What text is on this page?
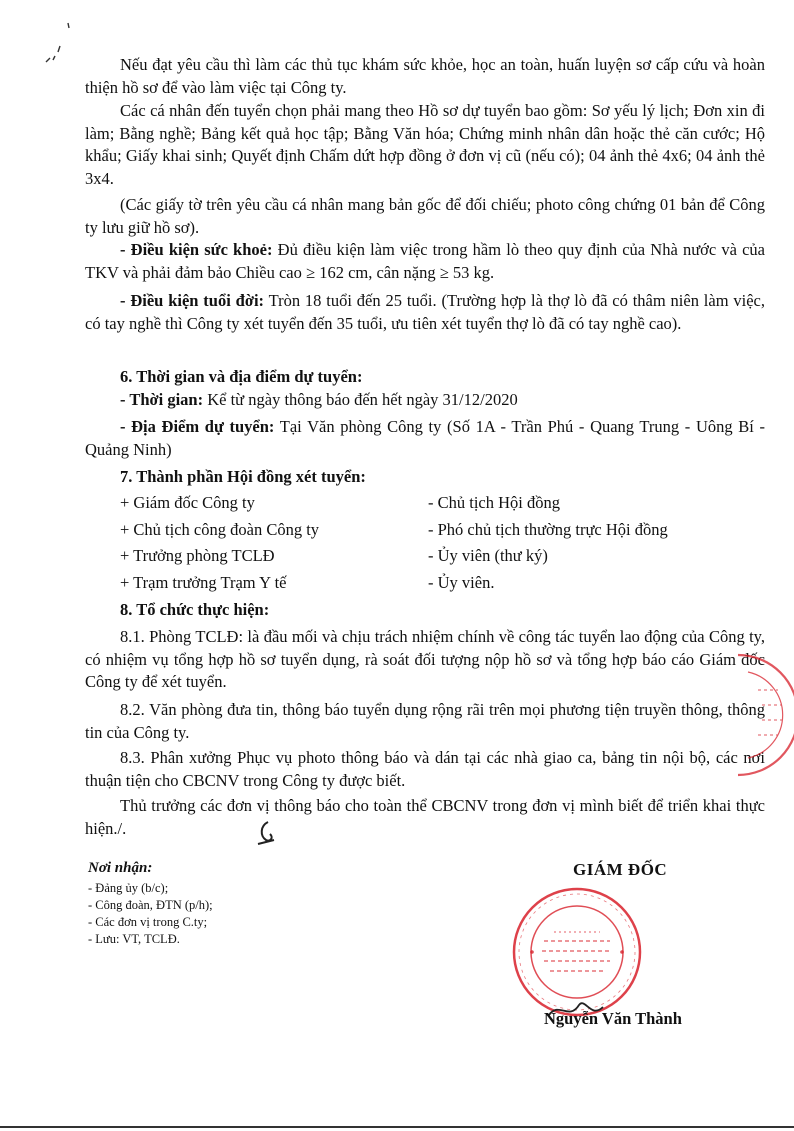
Nếu đạt yêu cầu thì làm các thủ tục khám sức khỏe, học an toàn, huấn luyện sơ cấp cứu và hoàn thiện hồ sơ để vào làm việc tại Công ty.

Các cá nhân đến tuyển chọn phải mang theo Hồ sơ dự tuyển bao gồm: Sơ yếu lý lịch; Đơn xin đi làm; Bằng nghề; Bảng kết quả học tập; Bằng Văn hóa; Chứng minh nhân dân hoặc thẻ căn cước; Hộ khẩu; Giấy khai sinh; Quyết định Chấm dứt hợp đồng ở đơn vị cũ (nếu có); 04 ảnh thẻ 4x6; 04 ảnh thẻ 3x4.

(Các giấy tờ trên yêu cầu cá nhân mang bản gốc để đối chiếu; photo công chứng 01 bản để Công ty lưu giữ hồ sơ).

- Điều kiện sức khoẻ: Đủ điều kiện làm việc trong hầm lò theo quy định của Nhà nước và của TKV và phải đảm bảo Chiều cao ≥ 162 cm, cân nặng ≥ 53 kg.

- Điều kiện tuổi đời: Tròn 18 tuổi đến 25 tuổi. (Trường hợp là thợ lò đã có thâm niên làm việc, có tay nghề thì Công ty xét tuyển đến 35 tuổi, ưu tiên xét tuyển thợ lò đã có tay nghề cao).

6. Thời gian và địa điểm dự tuyển:

- Thời gian: Kể từ ngày thông báo đến hết ngày 31/12/2020

- Địa Điểm dự tuyển: Tại Văn phòng Công ty (Số 1A - Trần Phú - Quang Trung - Uông Bí - Quảng Ninh)

7. Thành phần Hội đồng xét tuyển:

+ Giám đốc Công ty	- Chủ tịch Hội đồng
+ Chủ tịch công đoàn Công ty	- Phó chủ tịch thường trực Hội đồng
+ Trưởng phòng TCLĐ	- Ủy viên (thư ký)
+ Trạm trưởng Trạm Y tế	- Ủy viên.

8. Tổ chức thực hiện:

8.1. Phòng TCLĐ: là đầu mối và chịu trách nhiệm chính về công tác tuyển lao động của Công ty, có nhiệm vụ tổng hợp hồ sơ tuyển dụng, rà soát đối tượng nộp hồ sơ và tổng hợp báo cáo Giám đốc Công ty để xét tuyển.

8.2. Văn phòng đưa tin, thông báo tuyển dụng rộng rãi trên mọi phương tiện truyền thông, thông tin của Công ty.

8.3. Phân xưởng Phục vụ photo thông báo và dán tại các nhà giao ca, bảng tin nội bộ, các nơi thuận tiện cho CBCNV trong Công ty được biết.

Thủ trưởng các đơn vị thông báo cho toàn thể CBCNV trong đơn vị mình biết để triển khai thực hiện./.

Nơi nhận:
- Đảng ủy (b/c);
- Công đoàn, ĐTN (p/h);
- Các đơn vị trong C.ty;
- Lưu: VT, TCLĐ.
GIÁM ĐỐC
Nguyễn Văn Thành
